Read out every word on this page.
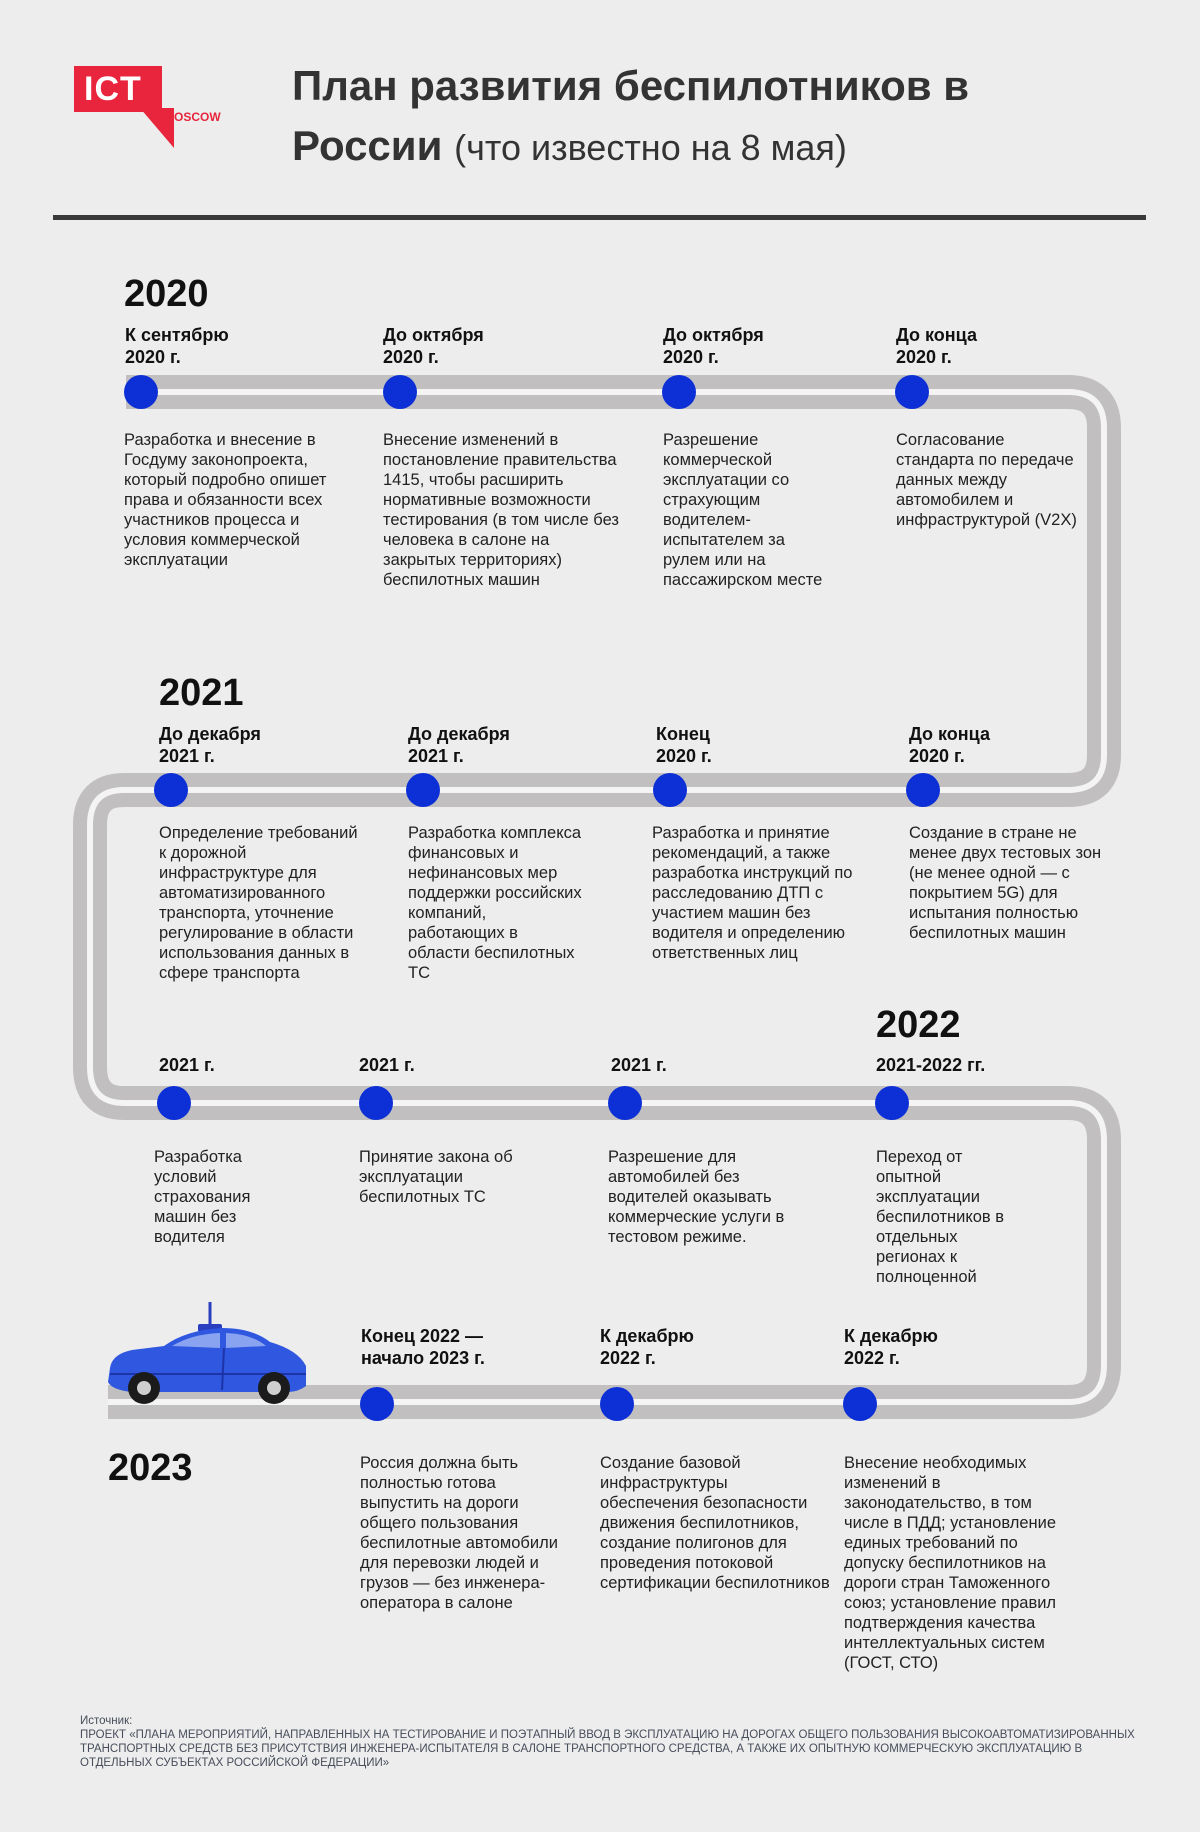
ICT
MOSCOW
План развития беспилотников в
России (что известно на 8 мая)
2020
2021
2022
2023
К сентябрю
2020 г.
Разработка и внесение в Госдуму законопроекта, который подробно опишет права и обязанности всех участников процесса и условия коммерческой эксплуатации
До октября
2020 г.
Внесение изменений в постановление правительства 1415, чтобы расширить нормативные возможности тестирования (в том числе без человека в салоне на закрытых территориях) беспилотных машин
До октября
2020 г.
Разрешение коммерческой эксплуатации со страхующим водителем-испытателем за рулем или на пассажирском месте
До конца
2020 г.
Согласование стандарта по передаче данных между автомобилем и инфраструктурой (V2X)
До декабря
2021 г.
Определение требований к дорожной инфраструктуре для автоматизированного транспорта, уточнение регулирование в области использования данных в сфере транспорта
До декабря
2021 г.
Разработка комплекса финансовых и нефинансовых мер поддержки российских компаний, работающих в области беспилотных ТС
Конец
2020 г.
Разработка и принятие рекомендаций, а также разработка инструкций по расследованию ДТП с участием машин без водителя и определению ответственных лиц
До конца
2020 г.
Создание в стране не менее двух тестовых зон (не менее одной — с покрытием 5G) для испытания полностью беспилотных машин
2021 г.
Разработка условий страхования машин без водителя
2021 г.
Принятие закона об эксплуатации беспилотных ТС
2021 г.
Разрешение для автомобилей без водителей оказывать коммерческие услуги в тестовом режиме.
2021-2022 гг.
Переход от опытной эксплуатации беспилотников в отдельных регионах к полноценной
Конец 2022 —
начало 2023 г.
Россия должна быть полностью готова выпустить на дороги общего пользования беспилотные автомобили для перевозки людей и грузов — без инженера-оператора в салоне
К декабрю
2022 г.
Создание базовой инфраструктуры обеспечения безопасности движения беспилотников, создание полигонов для проведения потоковой сертификации беспилотников
К декабрю
2022 г.
Внесение необходимых изменений в законодательство, в том числе в ПДД; установление единых требований по допуску беспилотников на дороги стран Таможенного союз; установление правил подтверждения качества интеллектуальных систем (ГОСТ, СТО)
Источник:
ПРОЕКТ «ПЛАНА МЕРОПРИЯТИЙ, НАПРАВЛЕННЫХ НА ТЕСТИРОВАНИЕ И ПОЭТАПНЫЙ ВВОД В ЭКСПЛУАТАЦИЮ НА ДОРОГАХ ОБЩЕГО ПОЛЬЗОВАНИЯ ВЫСОКОАВТОМАТИЗИРОВАННЫХ ТРАНСПОРТНЫХ СРЕДСТВ БЕЗ ПРИСУТСТВИЯ ИНЖЕНЕРА-ИСПЫТАТЕЛЯ В САЛОНЕ ТРАНСПОРТНОГО СРЕДСТВА, А ТАКЖЕ ИХ ОПЫТНУЮ КОММЕРЧЕСКУЮ ЭКСПЛУАТАЦИЮ В ОТДЕЛЬНЫХ СУБЪЕКТАХ РОССИЙСКОЙ ФЕДЕРАЦИИ»
